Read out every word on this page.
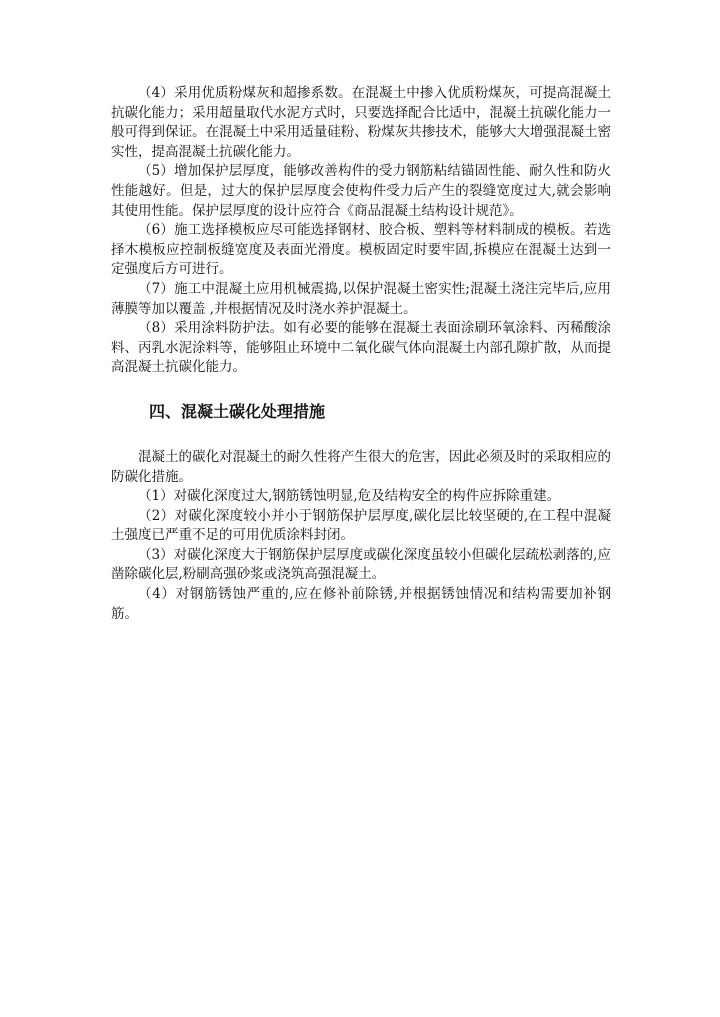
（4）采用优质粉煤灰和超掺系数。在混凝土中掺入优质粉煤灰，可提高混凝土抗碳化能力；采用超量取代水泥方式时，只要选择配合比适中，混凝土抗碳化能力一般可得到保证。在混凝土中采用适量硅粉、粉煤灰共掺技术，能够大大增强混凝土密实性，提高混凝土抗碳化能力。

（5）增加保护层厚度，能够改善构件的受力钢筋粘结锚固性能、耐久性和防火性能越好。但是，过大的保护层厚度会使构件受力后产生的裂缝宽度过大,就会影响其使用性能。保护层厚度的设计应符合《商品混凝土结构设计规范》。

（6）施工选择模板应尽可能选择钢材、胶合板、塑料等材料制成的模板。若选择木模板应控制板缝宽度及表面光滑度。模板固定时要牢固,拆模应在混凝土达到一定强度后方可进行。

（7）施工中混凝土应用机械震捣,以保护混凝土密实性;混凝土浇注完毕后,应用薄膜等加以覆盖 ,并根据情况及时浇水养护混凝土。

（8）采用涂料防护法。如有必要的能够在混凝土表面涂刷环氧涂料、丙稀酸涂料、丙乳水泥涂料等，能够阻止环境中二氧化碳气体向混凝土内部孔隙扩散，从而提高混凝土抗碳化能力。

四、混凝土碳化处理措施

混凝土的碳化对混凝土的耐久性将产生很大的危害，因此必须及时的采取相应的防碳化措施。

（1）对碳化深度过大,钢筋锈蚀明显,危及结构安全的构件应拆除重建。

（2）对碳化深度较小并小于钢筋保护层厚度,碳化层比较坚硬的,在工程中混凝土强度已严重不足的可用优质涂料封闭。

（3）对碳化深度大于钢筋保护层厚度或碳化深度虽较小但碳化层疏松剥落的,应凿除碳化层,粉刷高强砂浆或浇筑高强混凝土。

（4）对钢筋锈蚀严重的,应在修补前除锈,并根据锈蚀情况和结构需要加补钢筋。
